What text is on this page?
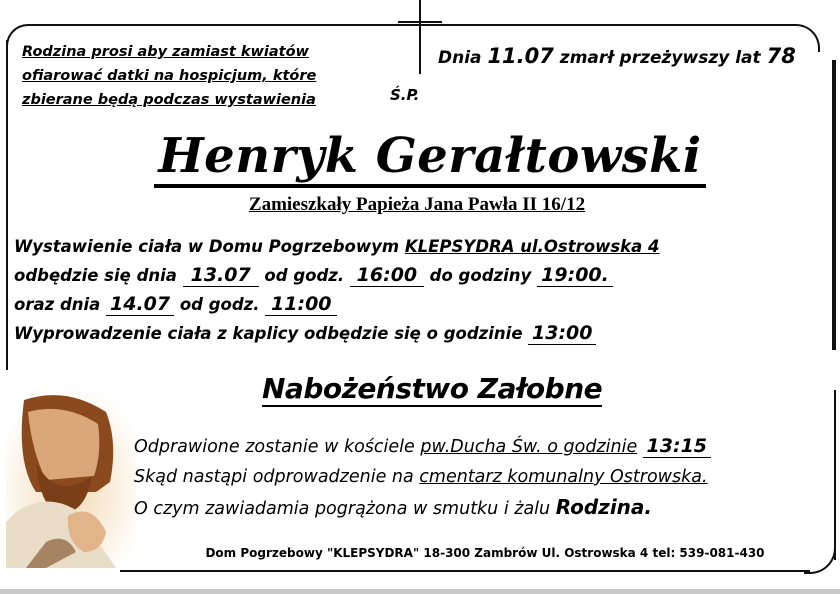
Rodzina prosi aby zamiast kwiatów
ofiarować datki na hospicjum, które
zbierane będą podczas wystawienia
Dnia 11.07 zmarł przeżywszy lat 78
Ś.P.
Henryk Gerałtowski
Zamieszkały Papieża Jana Pawła II 16/12
Wystawienie ciała w Domu Pogrzebowym KLEPSYDRA ul.Ostrowska 4
odbędzie się dnia 13.07 od godz. 16:00 do godziny 19:00.
oraz dnia 14.07 od godz. 11:00
Wyprowadzenie ciała z kaplicy odbędzie się o godzinie 13:00
Nabożeństwo Załobne
Odprawione zostanie w kościele pw.Ducha Św. o godzinie 13:15
Skąd nastąpi odprowadzenie na cmentarz komunalny Ostrowska.
O czym zawiadamia pogrążona w smutku i żalu Rodzina.
Dom Pogrzebowy "KLEPSYDRA" 18-300 Zambrów Ul. Ostrowska 4 tel: 539-081-430
